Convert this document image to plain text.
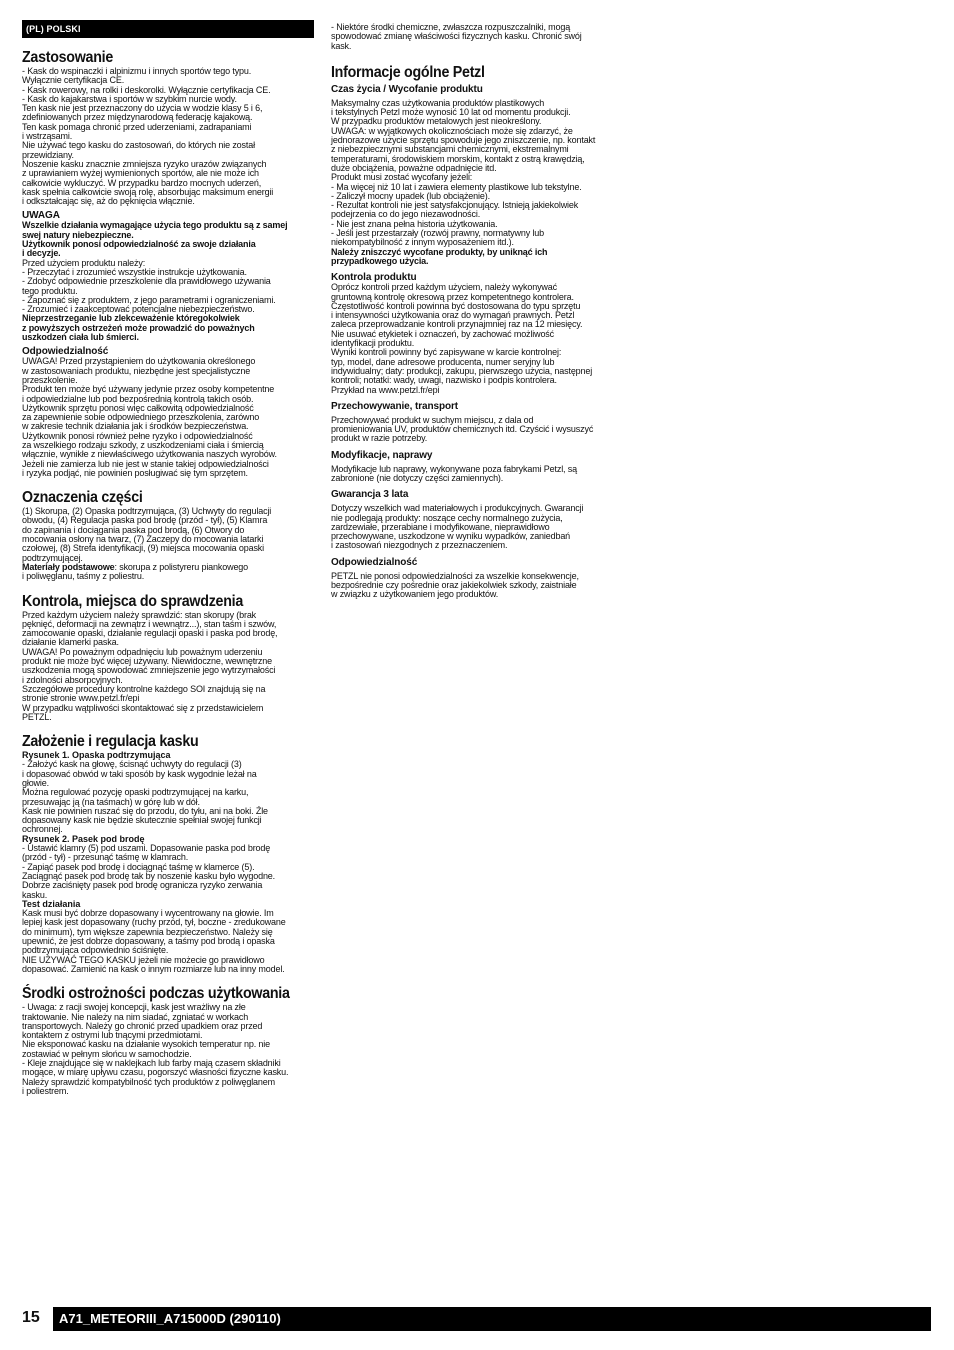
(PL) POLSKI
Zastosowanie

- Kask do wspinaczki i alpinizmu i innych sportów tego typu.
Wyłącznie certyfikacja CE.
- Kask rowerowy, na rolki i deskorolki. Wyłącznie certyfikacja CE.
- Kask do kajakarstwa i sportów w szybkim nurcie wody.
Ten kask nie jest przeznaczony do użycia w wodzie klasy 5 i 6,
zdefiniowanych przez międzynarodową federację kajakową.
Ten kask pomaga chronić przed uderzeniami, zadrapaniami
i wstrząsami.
Nie używać tego kasku do zastosowań, do których nie został
przewidziany.
Noszenie kasku znacznie zmniejsza ryzyko urazów związanych
z uprawianiem wyżej wymienionych sportów, ale nie może ich
całkowicie wykluczyć. W przypadku bardzo mocnych uderzeń,
kask spełnia całkowicie swoją rolę, absorbując maksimum energii
i odkształcając się, aż do pęknięcia włącznie.

UWAGA

Wszelkie działania wymagające użycia tego produktu są z samej
swej natury niebezpieczne.
Użytkownik ponosi odpowiedzialność za swoje działania
i decyzje.

Przed użyciem produktu należy:
- Przeczytać i zrozumieć wszystkie instrukcje użytkowania.
- Zdobyć odpowiednie przeszkolenie dla prawidłowego używania
tego produktu.
- Zapoznać się z produktem, z jego parametrami i ograniczeniami.
- Zrozumieć i zaakceptować potencjalne niebezpieczeństwo.

Nieprzestrzeganie lub zlekceważenie któregokolwiek
z powyższych ostrzeżeń może prowadzić do poważnych
uszkodzeń ciała lub śmierci.

Odpowiedzialność

UWAGA! Przed przystąpieniem do użytkowania określonego
w zastosowaniach produktu, niezbędne jest specjalistyczne
przeszkolenie.
Produkt ten może być używany jedynie przez osoby kompetentne
i odpowiedzialne lub pod bezpośrednią kontrolą takich osób.
Użytkownik sprzętu ponosi więc całkowitą odpowiedzialność
za zapewnienie sobie odpowiedniego przeszkolenia, zarówno
w zakresie technik działania jak i środków bezpieczeństwa.
Użytkownik ponosi również pełne ryzyko i odpowiedzialność
za wszelkiego rodzaju szkody, z uszkodzeniami ciała i śmiercią
włącznie, wynikłe z niewłaściwego użytkowania naszych wyrobów.
Jeżeli nie zamierza lub nie jest w stanie takiej odpowiedzialności
i ryzyka podjąć, nie powinien posługiwać się tym sprzętem.

Oznaczenia części

(1) Skorupa, (2) Opaska podtrzymująca, (3) Uchwyty do regulacji
obwodu, (4) Regulacja paska pod brodę (przód - tył), (5) Klamra
do zapinania i dociągania paska pod brodą, (6) Otwory do
mocowania osłony na twarz, (7) Zaczepy do mocowania latarki
czołowej, (8) Strefa identyfikacji, (9) miejsca mocowania opaski
podtrzymującej.

Materiały podstawowe: skorupa z polistyreru piankowego
i poliwęglanu, taśmy z poliestru.

Kontrola, miejsca do sprawdzenia

Przed każdym użyciem należy sprawdzić: stan skorupy (brak
pęknięć, deformacji na zewnątrz i wewnątrz...), stan taśm i szwów,
zamocowanie opaski, działanie regulacji opaski i paska pod brodę,
działanie klamerki paska.
UWAGA! Po poważnym odpadnięciu lub poważnym uderzeniu
produkt nie może być więcej używany. Niewidoczne, wewnętrzne
uszkodzenia mogą spowodować zmniejszenie jego wytrzymałości
i zdolności absorpcyjnych.
Szczegółowe procedury kontrolne każdego SOI znajdują się na
stronie stronie www.petzl.fr/epi
W przypadku wątpliwości skontaktować się z przedstawicielem
PETZL.

Założenie i regulacja kasku
Rysunek 1. Opaska podtrzymująca

- Założyć kask na głowę, ścisnąć uchwyty do regulacji (3)
i dopasować obwód w taki sposób by kask wygodnie leżał na
głowie.
Można regulować pozycję opaski podtrzymującej na karku,
przesuwając ją (na taśmach) w górę lub w dół.
Kask nie powinien ruszać się do przodu, do tyłu, ani na boki. Źle
dopasowany kask nie będzie skutecznie spełniał swojej funkcji
ochronnej.

Rysunek 2. Pasek pod brodę

- Ustawić klamry (5) pod uszami. Dopasowanie paska pod brodę
(przód - tył) - przesunąć taśmę w klamrach.
- Zapiąć pasek pod brodę i dociągnąć taśmę w klamerce (5).
Zaciągnąć pasek pod brodę tak by noszenie kasku było wygodne.
Dobrze zaciśnięty pasek pod brodę ogranicza ryzyko zerwania
kasku.

Test działania

Kask musi być dobrze dopasowany i wycentrowany na głowie. Im
lepiej kask jest dopasowany (ruchy przód, tył, boczne - zredukowane
do minimum), tym większe zapewnia bezpieczeństwo. Należy się
upewnić, że jest dobrze dopasowany, a taśmy pod brodą i opaska
podtrzymująca odpowiednio ściśnięte.
NIE UŻYWAĆ TEGO KASKU jeżeli nie możecie go prawidłowo
dopasować. Zamienić na kask o innym rozmiarze lub na inny model.

Środki ostrożności podczas użytkowania

- Uwaga: z racji swojej koncepcji, kask jest wrażliwy na złe
traktowanie. Nie należy na nim siadać, zgniatać w workach
transportowych. Należy go chronić przed upadkiem oraz przed
kontaktem z ostrymi lub tnącymi przedmiotami.
Nie eksponować kasku na działanie wysokich temperatur np. nie
zostawiać w pełnym słońcu w samochodzie.
- Kleje znajdujące się w naklejkach lub farby mają czasem składniki
mogące, w miarę upływu czasu, pogorszyć własności fizyczne kasku.
Należy sprawdzić kompatybilność tych produktów z poliwęglanem
i poliestrem.

- Niektóre środki chemiczne, zwłaszcza rozpuszczalniki, mogą
spowodować zmianę właściwości fizycznych kasku. Chronić swój
kask.

Informacje ogólne Petzl
Czas życia / Wycofanie produktu

Maksymalny czas użytkowania produktów plastikowych
i tekstylnych Petzl może wynosić 10 lat od momentu produkcji.
W przypadku produktów metalowych jest nieokreślony.
UWAGA: w wyjątkowych okolicznościach może się zdarzyć, że
jednorazowe użycie sprzętu spowoduje jego zniszczenie, np. kontakt
z niebezpiecznymi substancjami chemicznymi, ekstremalnymi
temperaturami, środowiskiem morskim, kontakt z ostrą krawędzią,
duże obciążenia, poważne odpadnięcie itd.
Produkt musi zostać wycofany jeżeli:
- Ma więcej niż 10 lat i zawiera elementy plastikowe lub tekstylne.
- Zaliczył mocny upadek (lub obciążenie).
- Rezultat kontroli nie jest satysfakcjonujący. Istnieją jakiekolwiek
podejrzenia co do jego niezawodności.
- Nie jest znana pełna historia użytkowania.
- Jeśli jest przestarzały (rozwój prawny, normatywny lub
niekompatybilność z innym wyposażeniem itd.).

Należy zniszczyć wycofane produkty, by uniknąć ich
przypadkowego użycia.

Kontrola produktu

Oprócz kontroli przed każdym użyciem, należy wykonywać
gruntowną kontrolę okresową przez kompetentnego kontrolera.
Częstotliwość kontroli powinna być dostosowana do typu sprzętu
i intensywności użytkowania oraz do wymagań prawnych. Petzl
zaleca przeprowadzanie kontroli przynajmniej raz na 12 miesięcy.
Nie usuwać etykietek i oznaczeń, by zachować możliwość
identyfikacji produktu.
Wyniki kontroli powinny być zapisywane w karcie kontrolnej:
typ, model, dane adresowe producenta, numer seryjny lub
indywidualny; daty: produkcji, zakupu, pierwszego użycia, następnej
kontroli; notatki: wady, uwagi, nazwisko i podpis kontrolera.
Przykład na www.petzl.fr/epi

Przechowywanie, transport

Przechowywać produkt w suchym miejscu, z dala od
promieniowania UV, produktów chemicznych itd. Czyścić i wysuszyć
produkt w razie potrzeby.

Modyfikacje, naprawy

Modyfikacje lub naprawy, wykonywane poza fabrykami Petzl, są
zabronione (nie dotyczy części zamiennych).

Gwarancja 3 lata

Dotyczy wszelkich wad materiałowych i produkcyjnych. Gwarancji
nie podlegają produkty: noszące cechy normalnego zużycia,
zardzewiałe, przerabiane i modyfikowane, nieprawidłowo
przechowywane, uszkodzone w wyniku wypadków, zaniedbań
i zastosowań niezgodnych z przeznaczeniem.

Odpowiedzialność

PETZL nie ponosi odpowiedzialności za wszelkie konsekwencje,
bezpośrednie czy pośrednie oraz jakiekolwiek szkody, zaistniałe
w związku z użytkowaniem jego produktów.

15	A71_METEORIII_A715000D (290110)
